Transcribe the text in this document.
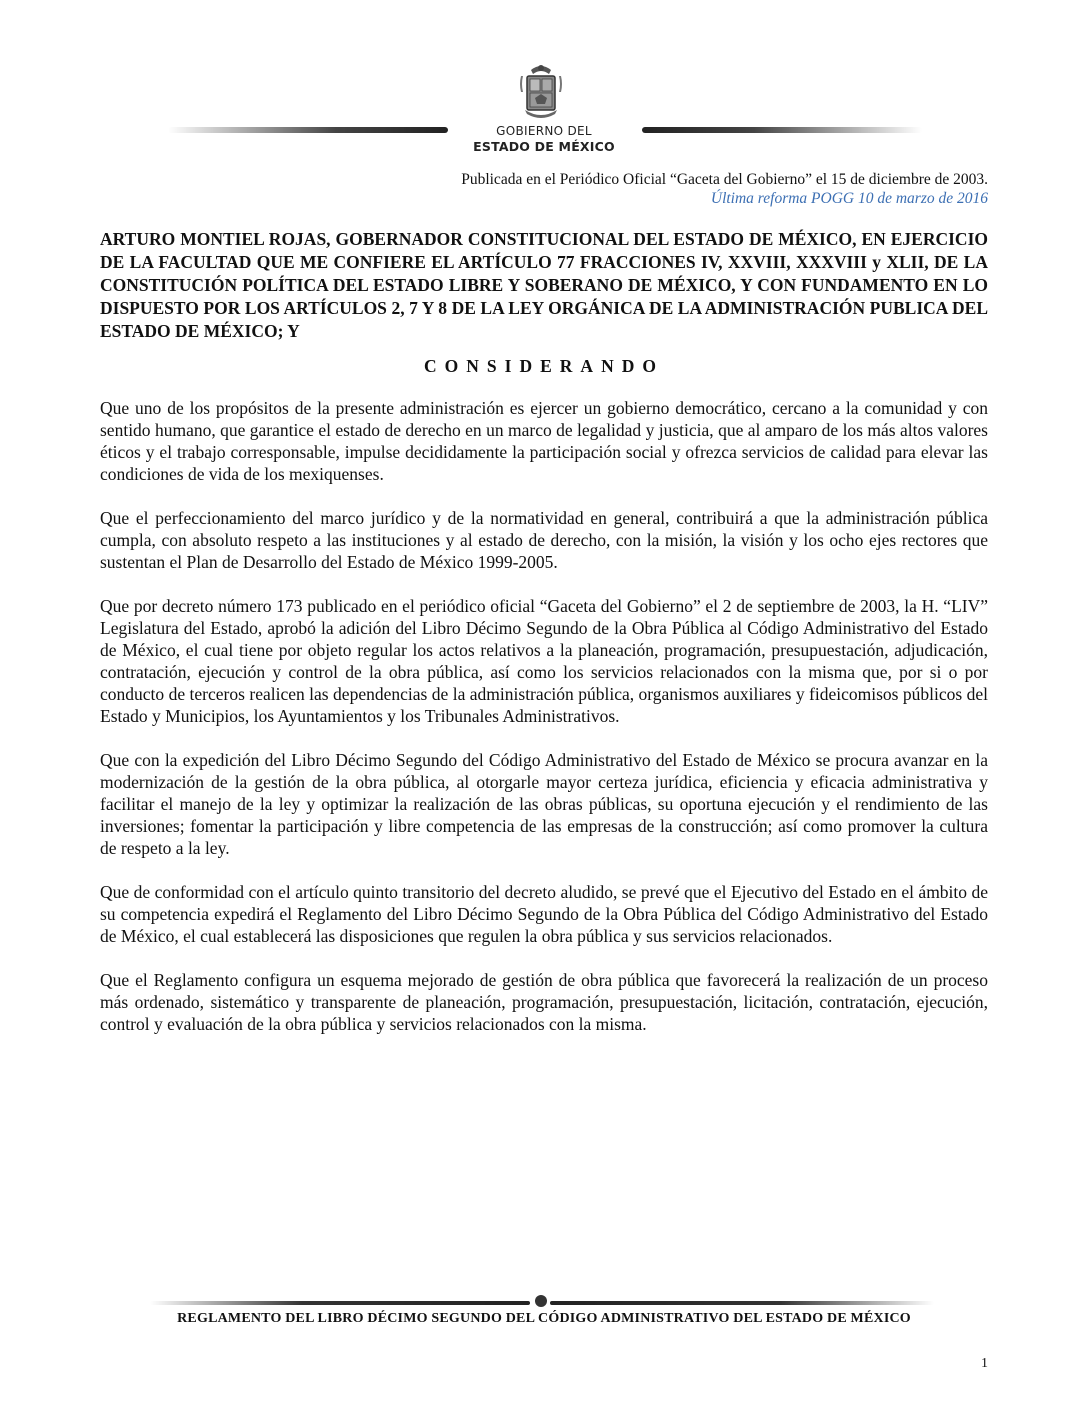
GOBIERNO DEL
ESTADO DE MÉXICO
Publicada en el Periódico Oficial “Gaceta del Gobierno” el 15 de diciembre de 2003.
Última reforma POGG 10 de marzo de 2016
ARTURO MONTIEL ROJAS, GOBERNADOR CONSTITUCIONAL DEL ESTADO DE MÉXICO, EN EJERCICIO DE LA FACULTAD QUE ME CONFIERE EL ARTÍCULO 77 FRACCIONES IV, XXVIII, XXXVIII y XLII, DE LA CONSTITUCIÓN POLÍTICA DEL ESTADO LIBRE Y SOBERANO DE MÉXICO, Y CON FUNDAMENTO EN LO DISPUESTO POR LOS ARTÍCULOS 2, 7 Y 8 DE LA LEY ORGÁNICA DE LA ADMINISTRACIÓN PUBLICA DEL ESTADO DE MÉXICO; Y
CONSIDERANDO

Que uno de los propósitos de la presente administración es ejercer un gobierno democrático, cercano a la comunidad y con sentido humano, que garantice el estado de derecho en un marco de legalidad y justicia, que al amparo de los más altos valores éticos y el trabajo corresponsable, impulse decididamente la participación social y ofrezca servicios de calidad para elevar las condiciones de vida de los mexiquenses.

Que el perfeccionamiento del marco jurídico y de la normatividad en general, contribuirá a que la administración pública cumpla, con absoluto respeto a las instituciones y al estado de derecho, con la misión, la visión y los ocho ejes rectores que sustentan el Plan de Desarrollo del Estado de México 1999-2005.

Que por decreto número 173 publicado en el periódico oficial “Gaceta del Gobierno” el 2 de septiembre de 2003, la H. “LIV” Legislatura del Estado, aprobó la adición del Libro Décimo Segundo de la Obra Pública al Código Administrativo del Estado de México, el cual tiene por objeto regular los actos relativos a la planeación, programación, presupuestación, adjudicación, contratación, ejecución y control de la obra pública, así como los servicios relacionados con la misma que, por si o por conducto de terceros realicen las dependencias de la administración pública, organismos auxiliares y fideicomisos públicos del Estado y Municipios, los Ayuntamientos y los Tribunales Administrativos.

Que con la expedición del Libro Décimo Segundo del Código Administrativo del Estado de México se procura avanzar en la modernización de la gestión de la obra pública, al otorgarle mayor certeza jurídica, eficiencia y eficacia administrativa y facilitar el manejo de la ley y optimizar la realización de las obras públicas, su oportuna ejecución y el rendimiento de las inversiones; fomentar la participación y libre competencia de las empresas de la construcción; así como promover la cultura de respeto a la ley.

Que de conformidad con el artículo quinto transitorio del decreto aludido, se prevé que el Ejecutivo del Estado en el ámbito de su competencia expedirá el Reglamento del Libro Décimo Segundo de la Obra Pública del Código Administrativo del Estado de México, el cual establecerá las disposiciones que regulen la obra pública y sus servicios relacionados.

Que el Reglamento configura un esquema mejorado de gestión de obra pública que favorecerá la realización de un proceso más ordenado, sistemático y transparente de planeación, programación, presupuestación, licitación, contratación, ejecución, control y evaluación de la obra pública y servicios relacionados con la misma.

REGLAMENTO DEL LIBRO DÉCIMO SEGUNDO DEL CÓDIGO ADMINISTRATIVO DEL ESTADO DE MÉXICO
1
